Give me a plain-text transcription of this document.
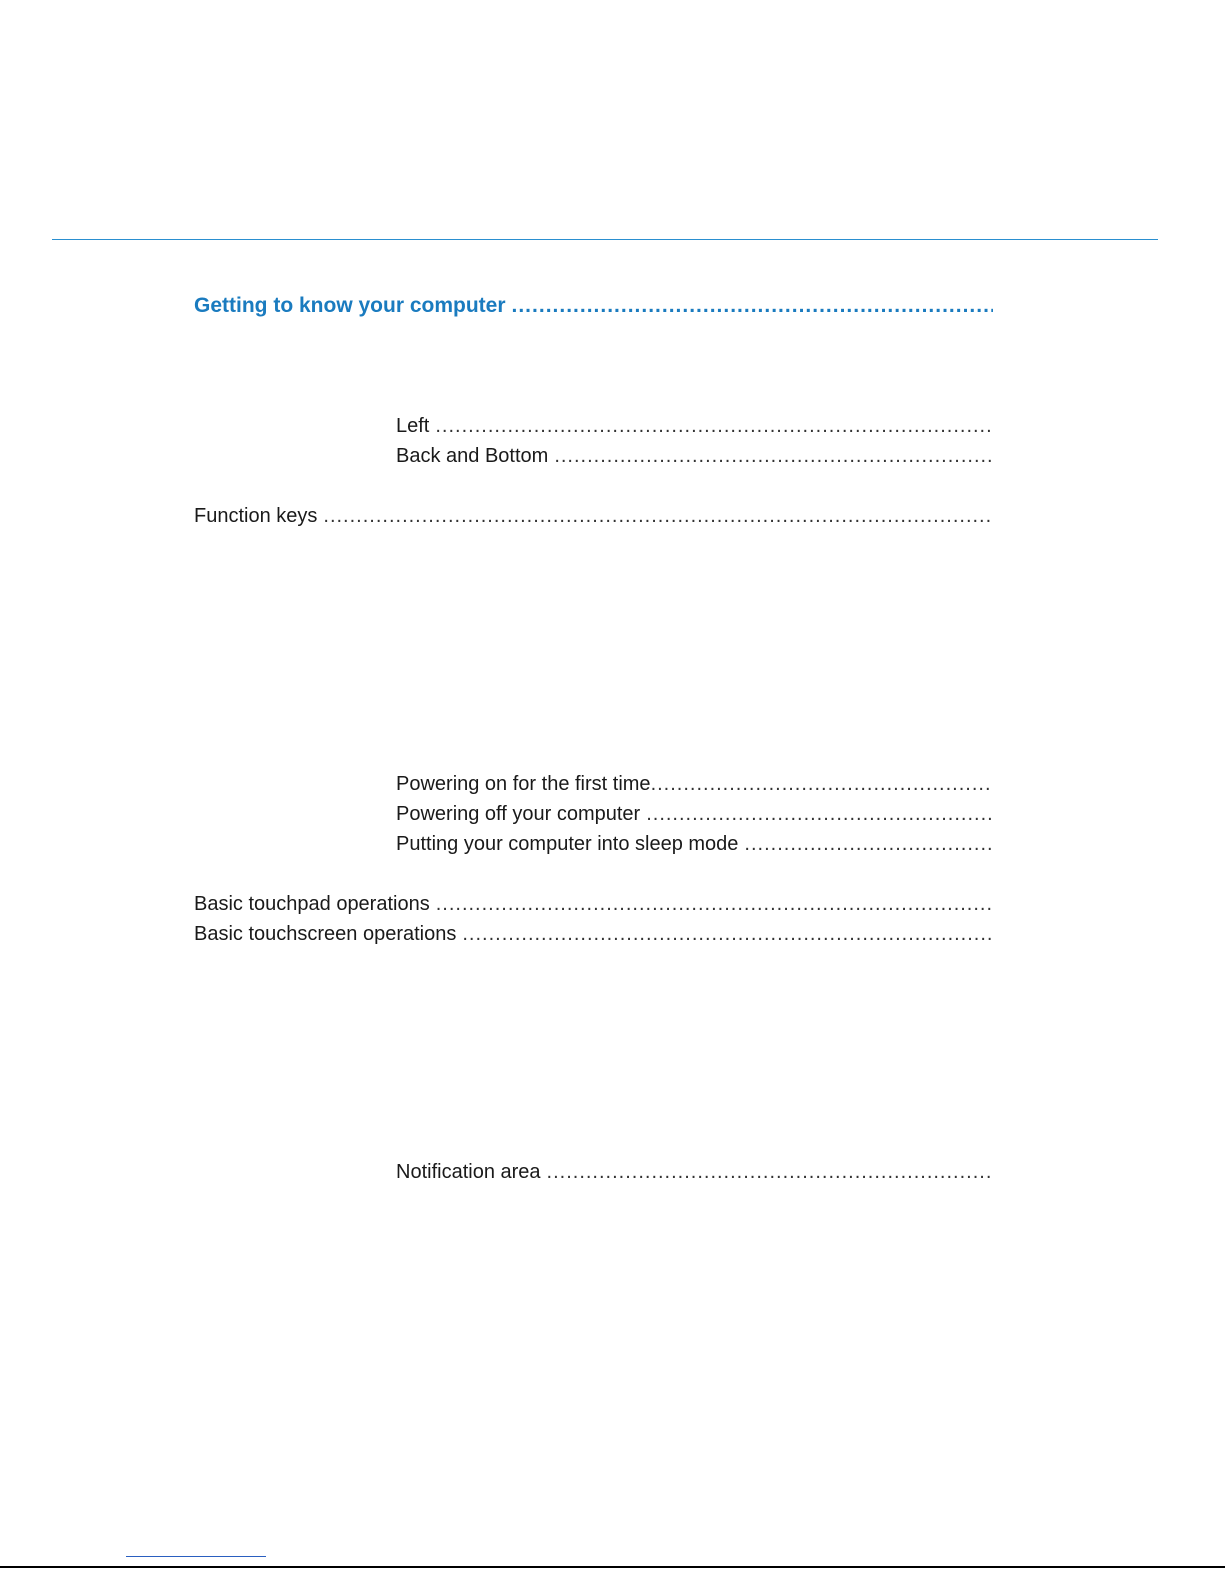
Getting to know your computer
.....
Left
.....
Back and Bottom
.....
Function keys
.....
Powering on for the first time
.....
Powering off your computer
.....
Putting your computer into sleep mode
.....
Basic touchpad operations
.....
Basic touchscreen operations
.....
Notification area
.....
